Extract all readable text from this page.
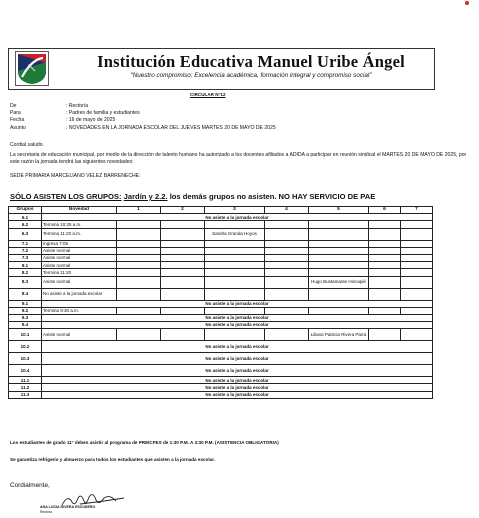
Institución Educativa Manuel Uribe Ángel
"Nuestro compromiso: Excelencia académica, formación integral y compromiso social"
CIRCULAR N°12
De	: Rectoría
Para	: Padres de familia y estudiantes
Fecha	: 16 de mayo de 2025
Asunto	: NOVEDADES EN LA JORNADA ESCOLAR DEL JUEVES MARTES 20 DE MAYO DE 2025
Cordial saludo.
La secretaria de educación municipal, por medio de la dirección de talento humano ha autorizado a los docentes afiliados a ADIDA a participar en reunión sindical el MARTES 20 DE MAYO DE 2025, por este razón la jornada tendrá las siguientes novedades:
SEDE PRIMARIA MARCELIANO VELEZ BARRENECHE:
SÓLO ASISTEN LOS GRUPOS: Jardín y 2.2. los demás grupos no asisten. NO HAY SERVICIO DE PAE
Grupos	Novedad	1	2	3	4	5	6	7
6.1	No asiste a la jornada escolar							
6.2	Termina 10:25 a.m.							
6.3	Termina 11:20 a.m.			Sandra Granda Hoyos				
7.1	Ingresa 7:05							
7.2	Asiste normal							
7.3	Asiste normal							
8.1	Asiste normal							
8.2	Termina 11:20							
8.3	Asiste normal					Hugo Bustamante Hincapié		
8.4	No asiste a la jornada escolar							
9.1	No asiste a la jornada escolar							
9.2	Termina 9:30 a.m.							
9.3	No asiste a la jornada escolar							
9.4	No asiste a la jornada escolar							
10.1	Asiste normal					Liliana Patricia Rivera Parra		
10.2	No asiste a la jornada escolar							
10.3	No asiste a la jornada escolar							
10.4	No asiste a la jornada escolar							
11.1	No asiste a la jornada escolar							
11.2	No asiste a la jornada escolar							
11.3	No asiste a la jornada escolar							
Los estudiantes de grado 11° deben asistir al programa de PREICFES de 1:30 P.M. A 3:30 P.M. (ASISTENCIA OBLIGATORIA)
Se garantiza refrigerio y almuerzo para todos los estudiantes que asisten a la jornada escolar.
Cordialmente,
ANA LUCIA RIVERA ESCUDERO
Rectora
